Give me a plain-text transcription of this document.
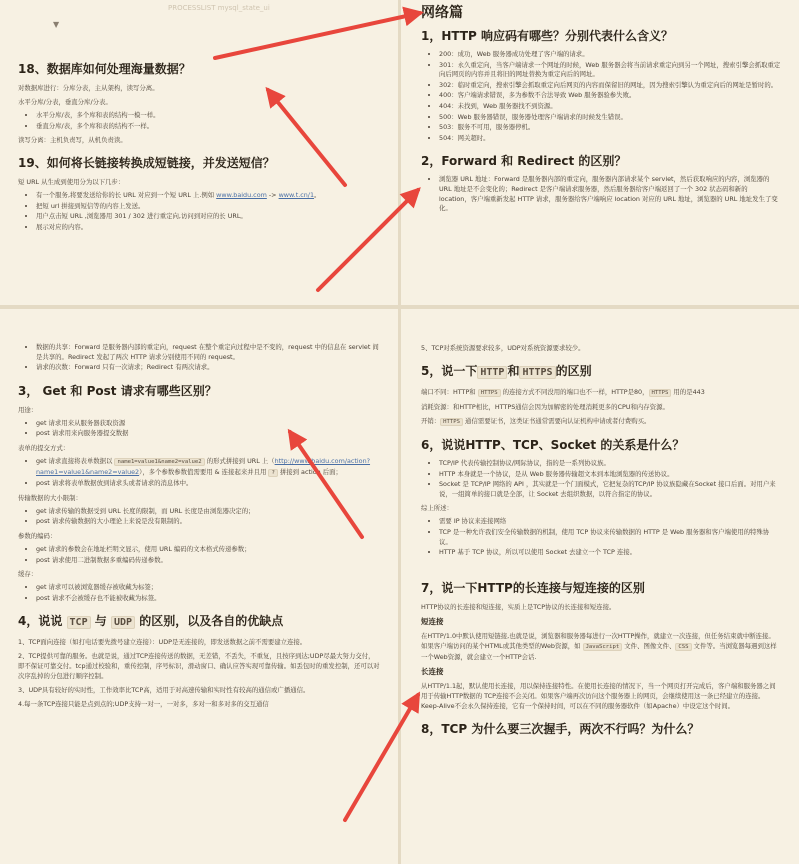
PROCESSLIST mysql_state_ui
▼
18、数据库如何处理海量数据？

对数据库进行：分库分表，主从架构，读写分离。

水平分库/分表，垂直分库/分表。

• 水平分库/表，多个库和表的结构一模一样。
• 垂直分库/表，多个库和表的结构不一样。

读写分离：主机负责写，从机负责读。

19、如何将长链接转换成短链接，并发送短信？

短 URL 从生成到使用分为以下几步：

• 有一个服务,将要发送给你的长 URL 对应到一个短 URL 上.例如 www.baidu.com -> www.t.cn/1。
• 把短 url 拼接到短信等的内容上发送。
• 用户点击短 URL ,浏览器用 301 / 302 进行重定向,访问到对应的长 URL。
• 展示对应的内容。
网络篇
1，HTTP 响应码有哪些？分别代表什么含义？
• 200：成功，Web 服务器成功处理了客户端的请求。
• 301：永久重定向，当客户端请求一个网址的时候，Web 服务器会将当前请求重定向到另一个网址，搜索引擎会抓取重定向后网页的内容并且将旧的网址替换为重定向后的网址。
• 302：临时重定向，搜索引擎会抓取重定向后网页的内容而保留旧的网址，因为搜索引擎认为重定向后的网址是暂时的。
• 400：客户端请求错误，多为参数不合法导致 Web 服务器验参失败。
• 404：未找到，Web 服务器找不到资源。
• 500：Web 服务器错误，服务器处理客户端请求的时候发生错误。
• 503：服务不可用，服务器停机。
• 504：网关超时。
2，Forward 和 Redirect 的区别？
• 浏览器 URL 地址：Forward 是服务器内部的重定向，服务器内部请求某个 servlet，然后获取响应的内容，浏览器的 URL 地址是不会变化的；Redirect 是客户端请求服务器，然后服务器给客户端返回了一个 302 状态码和新的 location，客户端重新发起 HTTP 请求，服务器给客户端响应 location 对应的 URL 地址，浏览器的 URL 地址发生了变化。
• 数据的共享：Forward 是服务器内部的重定向，request 在整个重定向过程中是不变的，request 中的信息在 servlet 间是共享的。Redirect 发起了两次 HTTP 请求分别使用不同的 request。
• 请求的次数：Forward 只有一次请求；Redirect 有两次请求。
3， Get 和 Post 请求有哪些区别？

用途：

• get 请求用来从服务器获取资源
• post 请求用来向服务器提交数据

表单的提交方式：

• get 请求直接将表单数据以 name1=value1&name2=value2 的形式拼接到 URL 上（http://www.baidu.com/action?name1=value1&name2=value2），多个参数参数值需要用 & 连接起来并且用 ? 拼接到 action 后面；
• post 请求将表单数据放到请求头或者请求的消息体中。

传输数据的大小限制：

• get 请求传输的数据受到 URL 长度的限制，而 URL 长度是由浏览器决定的；
• post 请求传输数据的大小理论上来说是没有限制的。

参数的编码：

• get 请求的参数会在地址栏明文显示，使用 URL 编码的文本格式传递参数；
• post 请求使用二进制数据多重编码传递参数。

缓存：

• get 请求可以被浏览器缓存被收藏为标签；
• post 请求不会被缓存也不能被收藏为标签。
4，说说 TCP 与 UDP 的区别，以及各自的优缺点

1、TCP面向连接（如打电话要先拨号建立连接）：UDP是无连接的，即发送数据之前不需要建立连接。

2、TCP提供可靠的服务。也就是说，通过TCP连接传送的数据，无差错，不丢失，不重复，且按序到达;UDP尽最大努力交付，即不保证可靠交付。tcp通过校验和，重传控制，序号标识，滑动窗口、确认应答实现可靠传输。如丢包时的重发控制，还可以对次序乱掉的分包进行顺序控制。

3、UDP具有较好的实时性，工作效率比TCP高，适用于对高速传输和实时性有较高的通信或广播通信。

4.每一条TCP连接只能是点到点的;UDP支持一对一，一对多，多对一和多对多的交互通信

5、TCP对系统资源要求较多，UDP对系统资源要求较少。

5，说一下 HTTP 和 HTTPS 的区别

端口不同：HTTP和 HTTPS 的连接方式不同没用的端口也不一样，HTTP是80， HTTPS 用的是443

消耗资源：和HTTP相比，HTTPS通信会因为加解密的处理消耗更多的CPU和内存资源。

开销： HTTPS 通信需要证书，这类证书通常需要向认证机构申请或者付费购买。

6，说说HTTP、TCP、Socket 的关系是什么？
• TCP/IP 代表传输控制协议/网际协议，指的是一系列协议族。
• HTTP 本身就是一个协议，是从 Web 服务器传输超文本到本地浏览器的传送协议。
• Socket 是 TCP/IP 网络的 API ，其实就是一个门面模式，它把复杂的TCP/IP 协议族隐藏在Socket 接口后面。对用户来说，一组简单的接口就是全部，让 Socket 去组织数据，以符合指定的协议。

综上所述：

• 需要 IP 协议来连接网络
• TCP 是一种允许我们安全传输数据的机制，使用 TCP 协议来传输数据的 HTTP 是 Web 服务器和客户端使用的特殊协议。
• HTTP 基于 TCP 协议，所以可以使用 Socket 去建立一个 TCP 连接。
7，说一下HTTP的长连接与短连接的区别

HTTP协议的长连接和短连接，实质上是TCP协议的长连接和短连接。

短连接

在HTTP/1.0中默认使用短链接,也就是说，浏览器和服务器每进行一次HTTP操作，就建立一次连接，但任务结束就中断连接。如果客户端访问的某个HTML或其他类型的Web资源，如 JavaScript 文件、图像文件、 CSS 文件等。当浏览器每遇到这样一个Web资源，就会建立一个HTTP会话.

长连接

从HTTP/1.1起，默认使用长连接，用以保持连接特性。在使用长连接的情况下，当一个网页打开完成后，客户端和服务器之间用于传输HTTP数据的 TCP连接不会关闭。如果客户端再次访问这个服务器上的网页，会继续使用这一条已经建立的连接。Keep-Alive不会永久保持连接，它有一个保持时间，可以在不同的服务器软件（如Apache）中设定这个时间。

8，TCP 为什么要三次握手，两次不行吗？为什么？
